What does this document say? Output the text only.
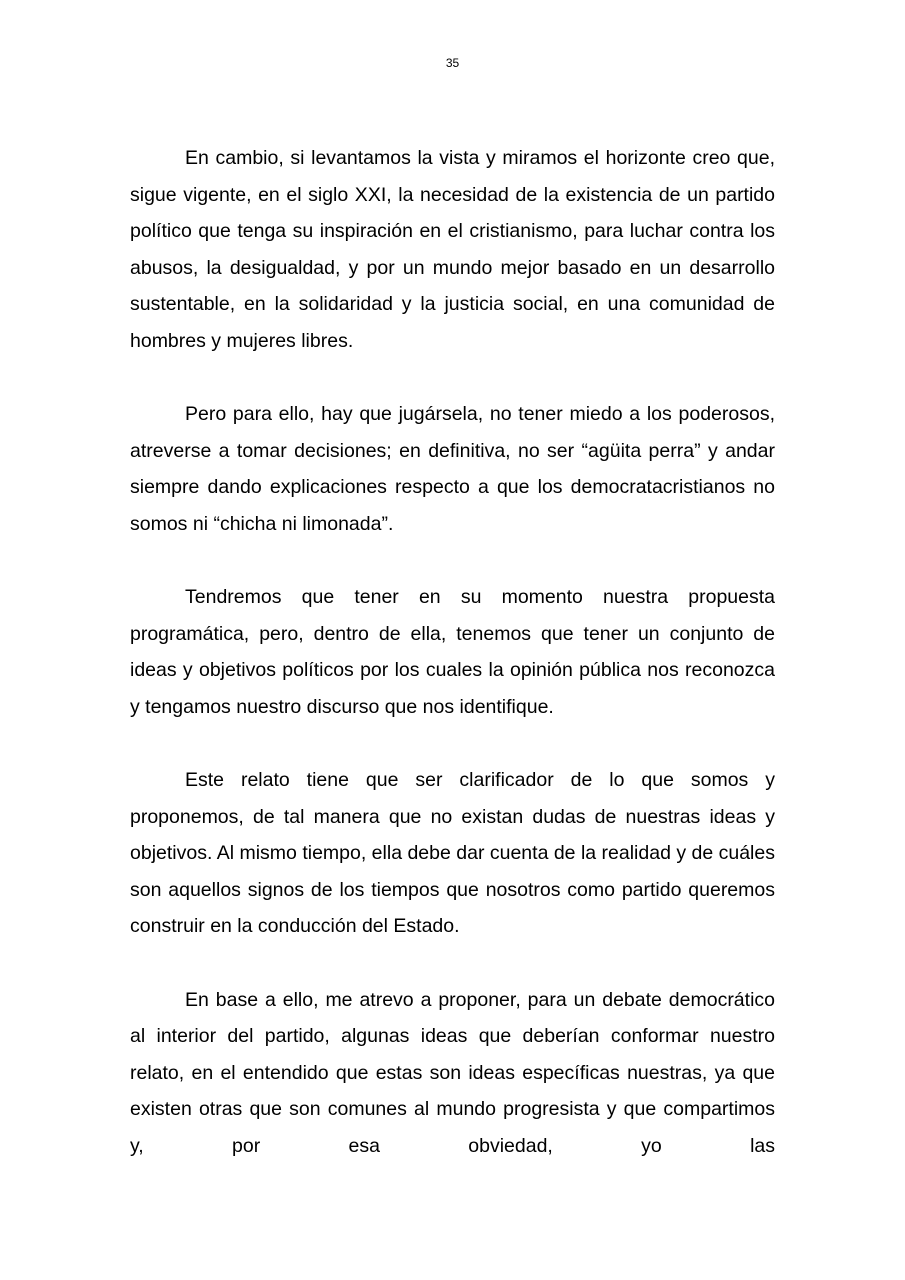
35

En cambio, si levantamos la vista y miramos el horizonte creo que, sigue vigente, en el siglo XXI, la necesidad de la existencia de un partido político que tenga su inspiración en el cristianismo, para luchar contra los abusos, la desigualdad, y por un mundo mejor basado en un desarrollo sustentable, en la solidaridad y la justicia social, en una comunidad de hombres y mujeres libres.

Pero para ello, hay que jugársela, no tener miedo a los poderosos, atreverse a tomar decisiones; en definitiva, no ser “agüita perra” y andar siempre dando explicaciones respecto a que los democratacristianos no somos ni “chicha ni limonada”.

Tendremos que tener en su momento nuestra propuesta programática, pero, dentro de ella, tenemos que tener un conjunto de ideas y objetivos políticos por los cuales la opinión pública nos reconozca y tengamos nuestro discurso que nos identifique.

Este relato tiene que ser clarificador de lo que somos y proponemos, de tal manera que no existan dudas de nuestras ideas y objetivos. Al mismo tiempo, ella debe dar cuenta de la realidad y de cuáles son aquellos signos de los tiempos que nosotros como partido queremos construir en la conducción del Estado.

En base a ello, me atrevo a proponer, para un debate democrático al interior del partido, algunas ideas que deberían conformar nuestro relato, en el entendido que estas son ideas específicas nuestras, ya que existen otras que son comunes al mundo progresista y que compartimos y, por esa obviedad, yo las
